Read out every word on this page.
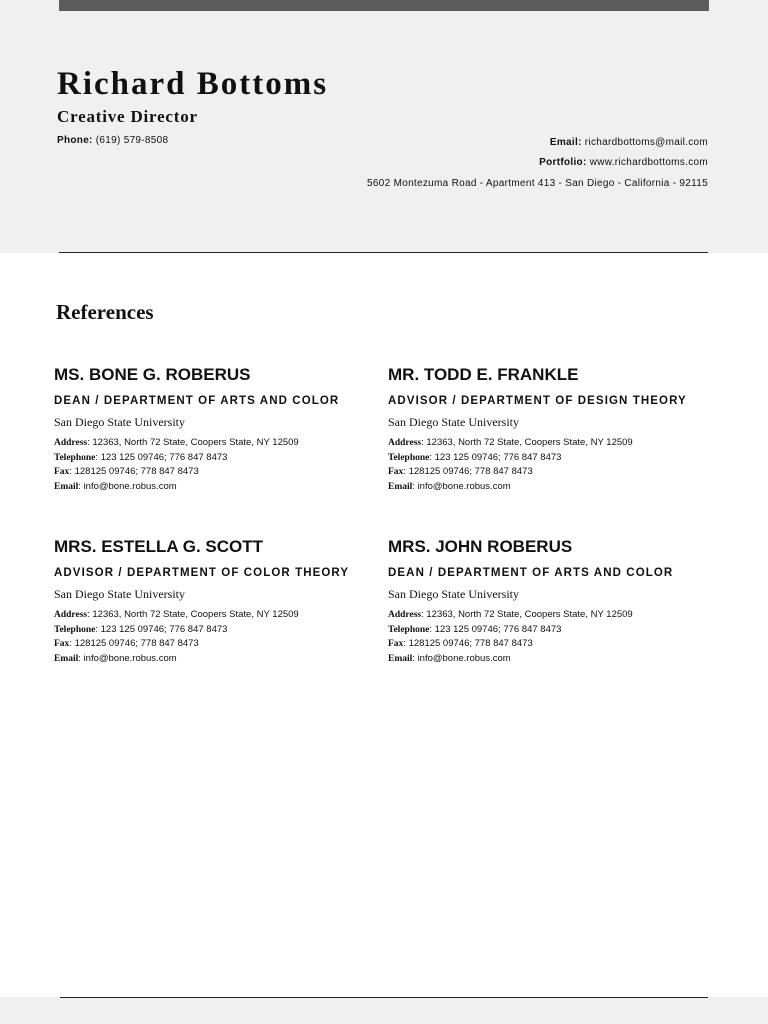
Richard Bottoms
Creative Director
Phone: (619) 579-8508	Email: richardbottoms@mail.com
Portfolio: www.richardbottoms.com
5602 Montezuma Road - Apartment 413 - San Diego - California - 92115
References
MS. BONE G. ROBERUS
DEAN / DEPARTMENT OF ARTS AND COLOR
San Diego State University
Address: 12363, North 72 State, Coopers State, NY 12509
Telephone: 123 125 09746; 776 847 8473
Fax: 128125 09746; 778 847 8473
Email: info@bone.robus.com
MR. TODD E. FRANKLE
ADVISOR / DEPARTMENT OF DESIGN THEORY
San Diego State University
Address: 12363, North 72 State, Coopers State, NY 12509
Telephone: 123 125 09746; 776 847 8473
Fax: 128125 09746; 778 847 8473
Email: info@bone.robus.com
MRS. ESTELLA G. SCOTT
ADVISOR / DEPARTMENT OF COLOR THEORY
San Diego State University
Address: 12363, North 72 State, Coopers State, NY 12509
Telephone: 123 125 09746; 776 847 8473
Fax: 128125 09746; 778 847 8473
Email: info@bone.robus.com
MRS. JOHN ROBERUS
DEAN / DEPARTMENT OF ARTS AND COLOR
San Diego State University
Address: 12363, North 72 State, Coopers State, NY 12509
Telephone: 123 125 09746; 776 847 8473
Fax: 128125 09746; 778 847 8473
Email: info@bone.robus.com
